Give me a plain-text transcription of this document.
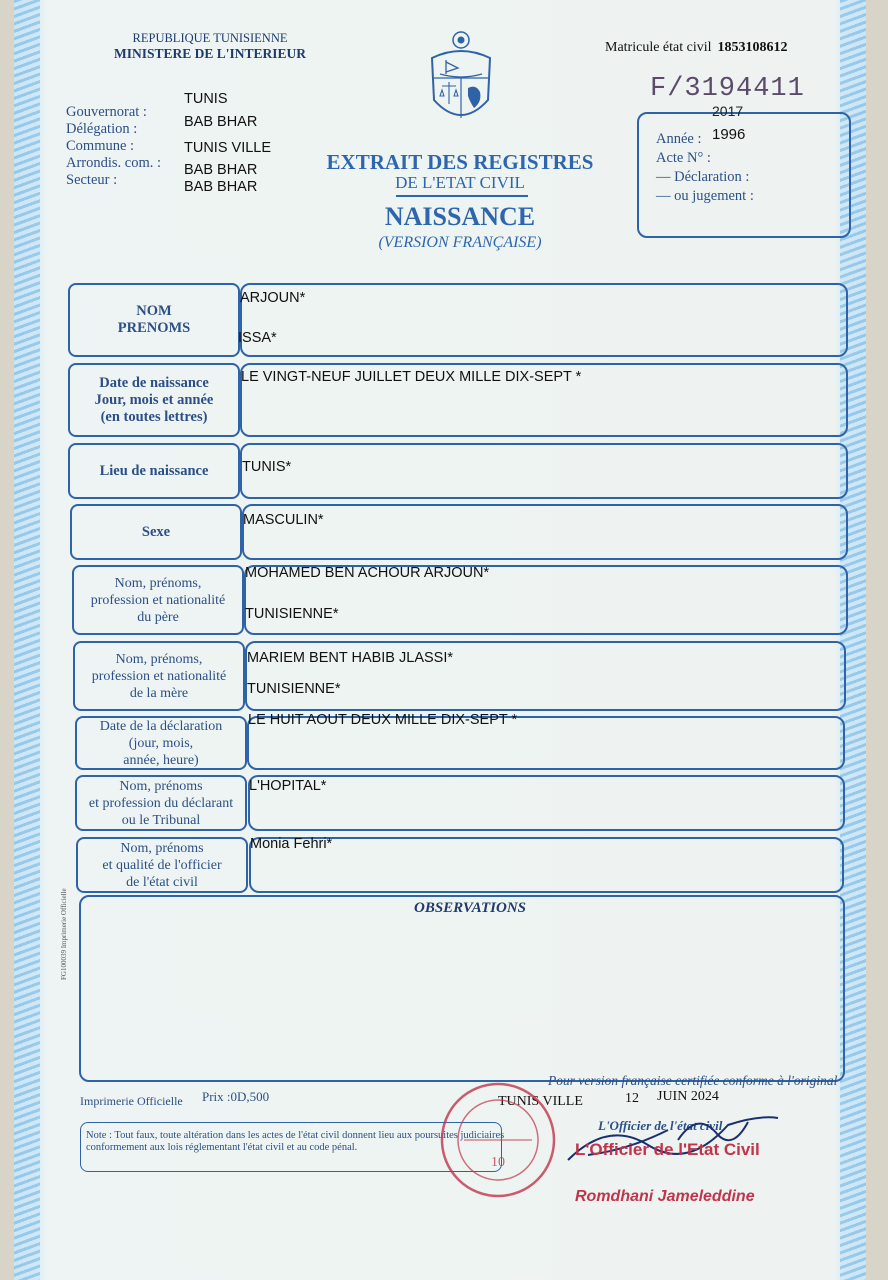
FG100039 Imprimerie Officielle
REPUBLIQUE TUNISIENNE
MINISTERE DE L'INTERIEUR
Gouvernorat :
Délégation :
Commune :
Arrondis. com. :
Secteur :
TUNIS
BAB BHAR
TUNIS VILLE
BAB BHAR
BAB BHAR
Matricule état civil 1853108612
F/3194411
Année :
Acte N° :
— Déclaration :
— ou jugement :
2017
1996
EXTRAIT DES REGISTRES
DE L'ETAT CIVIL
NAISSANCE
(VERSION FRANÇAISE)
NOM
PRENOMS
ARJOUN*
ISSA*
Date de naissance
Jour, mois et année
(en toutes lettres)
LE VINGT-NEUF JUILLET DEUX MILLE DIX-SEPT *
Lieu de naissance	TUNIS*
Sexe
MASCULIN*
Nom, prénoms,
profession et nationalité
du père
MOHAMED BEN ACHOUR ARJOUN*
TUNISIENNE*
Nom, prénoms,
profession et nationalité
de la mère
MARIEM BENT HABIB JLASSI*
TUNISIENNE*
Date de la déclaration
(jour, mois,
année, heure)
LE HUIT AOUT DEUX MILLE DIX-SEPT *
Nom, prénoms
et profession du déclarant
ou le Tribunal
L'HOPITAL*
Nom, prénoms
et qualité de l'officier
de l'état civil
Monia Fehri*
OBSERVATIONS
Imprimerie Officielle Prix :0D,500
Note : Tout faux, toute altération dans les actes de l'état civil donnent lieu aux poursuites judiciaires conformement aux lois réglementant l'état civil et au code pénal.
Pour version française certifiée conforme à l'original
TUNIS VILLE	12 JUIN 2024
L'Officier de l'état civil
10
L'Officier de l'Etat Civil
Romdhani Jameleddine
